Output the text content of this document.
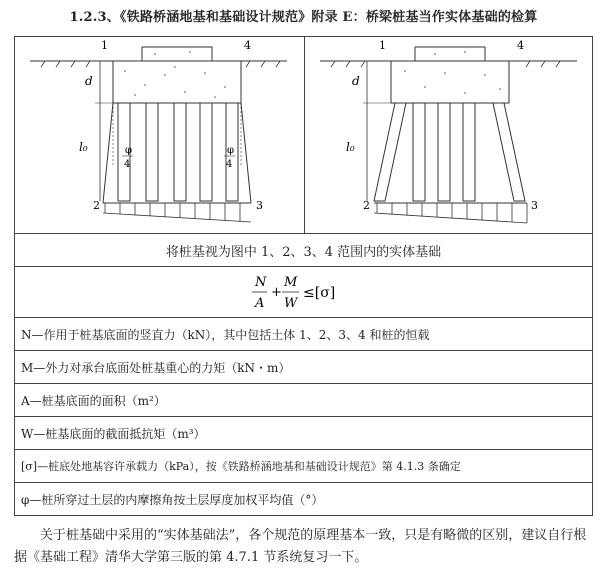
1.2.3、《铁路桥涵地基和基础设计规范》附录 E：桥梁桩基当作实体基础的检算
1	4
2	3
d
l₀	φ
4
φ
4
1	4
2	3
d
l₀
将桩基视为图中 1、2、3、4 范围内的实体基础
N
A
+
M
W
≤[σ]
N—作用于桩基底面的竖直力（kN），其中包括土体 1、2、3、4 和桩的恒载
M—外力对承台底面处桩基重心的力矩（kN・m）
A—桩基底面的面积（m²）
W—桩基底面的截面抵抗矩（m³）
[σ]—桩底处地基容许承载力（kPa），按《铁路桥涵地基和基础设计规范》第 4.1.3 条确定
φ—桩所穿过土层的内摩擦角按土层厚度加权平均值（°）
关于桩基础中采用的“实体基础法”，各个规范的原理基本一致，只是有略微的区别，建议自行根据《基础工程》清华大学第三版的第 4.7.1 节系统复习一下。
